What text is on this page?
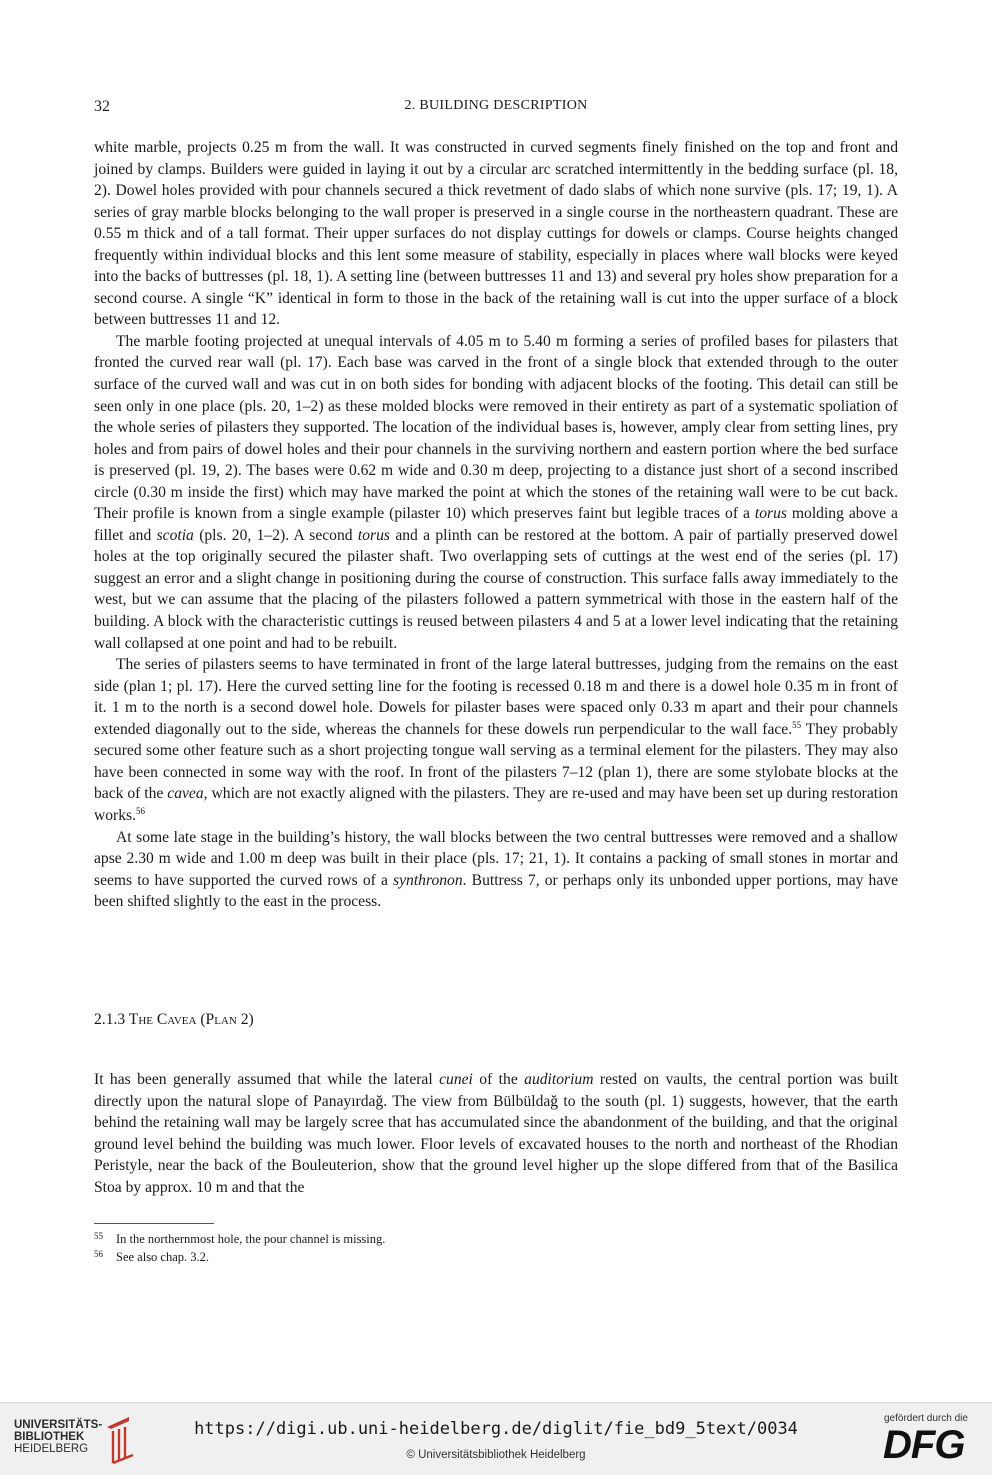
32	2. BUILDING DESCRIPTION

white marble, projects 0.25 m from the wall. It was constructed in curved segments finely finished on the top and front and joined by clamps. Builders were guided in laying it out by a circular arc scratched intermittently in the bedding surface (pl. 18, 2). Dowel holes provided with pour channels secured a thick revetment of dado slabs of which none survive (pls. 17; 19, 1). A series of gray marble blocks belonging to the wall proper is preserved in a single course in the northeastern quadrant. These are 0.55 m thick and of a tall format. Their upper surfaces do not display cuttings for dowels or clamps. Course heights changed frequently within individual blocks and this lent some measure of stability, especially in places where wall blocks were keyed into the backs of buttresses (pl. 18, 1). A setting line (between buttresses 11 and 13) and several pry holes show preparation for a second course. A single “K” identical in form to those in the back of the retaining wall is cut into the upper surface of a block between buttresses 11 and 12.

The marble footing projected at unequal intervals of 4.05 m to 5.40 m forming a series of profiled bases for pilasters that fronted the curved rear wall (pl. 17). Each base was carved in the front of a single block that extended through to the outer surface of the curved wall and was cut in on both sides for bonding with adjacent blocks of the footing. This detail can still be seen only in one place (pls. 20, 1–2) as these molded blocks were removed in their entirety as part of a systematic spoliation of the whole series of pilasters they supported. The location of the individual bases is, however, amply clear from setting lines, pry holes and from pairs of dowel holes and their pour channels in the surviving northern and eastern portion where the bed surface is preserved (pl. 19, 2). The bases were 0.62 m wide and 0.30 m deep, projecting to a distance just short of a second inscribed circle (0.30 m inside the first) which may have marked the point at which the stones of the retaining wall were to be cut back. Their profile is known from a single example (pilaster 10) which preserves faint but legible traces of a torus molding above a fillet and scotia (pls. 20, 1–2). A second torus and a plinth can be restored at the bottom. A pair of partially preserved dowel holes at the top originally secured the pilaster shaft. Two overlapping sets of cuttings at the west end of the series (pl. 17) suggest an error and a slight change in positioning during the course of construction. This surface falls away immediately to the west, but we can assume that the placing of the pilasters followed a pattern symmetrical with those in the eastern half of the building. A block with the characteristic cuttings is reused between pilasters 4 and 5 at a lower level indicating that the retaining wall collapsed at one point and had to be rebuilt.

The series of pilasters seems to have terminated in front of the large lateral buttresses, judging from the remains on the east side (plan 1; pl. 17). Here the curved setting line for the footing is recessed 0.18 m and there is a dowel hole 0.35 m in front of it. 1 m to the north is a second dowel hole. Dowels for pilaster bases were spaced only 0.33 m apart and their pour channels extended diagonally out to the side, whereas the channels for these dowels run perpendicular to the wall face.$^{55}$ They probably secured some other feature such as a short projecting tongue wall serving as a terminal element for the pilasters. They may also have been connected in some way with the roof. In front of the pilasters 7–12 (plan 1), there are some stylobate blocks at the back of the cavea, which are not exactly aligned with the pilasters. They are re-used and may have been set up during restoration works.$^{56}$

At some late stage in the building’s history, the wall blocks between the two central buttresses were removed and a shallow apse 2.30 m wide and 1.00 m deep was built in their place (pls. 17; 21, 1). It contains a packing of small stones in mortar and seems to have supported the curved rows of a synthronon. Buttress 7, or perhaps only its unbonded upper portions, may have been shifted slightly to the east in the process.

2.1.3 The Cavea (Plan 2)

It has been generally assumed that while the lateral cunei of the auditorium rested on vaults, the central portion was built directly upon the natural slope of Panayırdağ. The view from Bülbüldağ to the south (pl. 1) suggests, however, that the earth behind the retaining wall may be largely scree that has accumulated since the abandonment of the building, and that the original ground level behind the building was much lower. Floor levels of excavated houses to the north and northeast of the Rhodian Peristyle, near the back of the Bouleuterion, show that the ground level higher up the slope differed from that of the Basilica Stoa by approx. 10 m and that the

55	In the northernmost hole, the pour channel is missing.
56	See also chap. 3.2.
UNIVERSITÄTS-
BIBLIOTHEK
HEIDELBERG
https://digi.ub.uni-heidelberg.de/diglit/fie_bd9_5text/0034
© Universitätsbibliothek Heidelberg
gefördert durch die
DFG
